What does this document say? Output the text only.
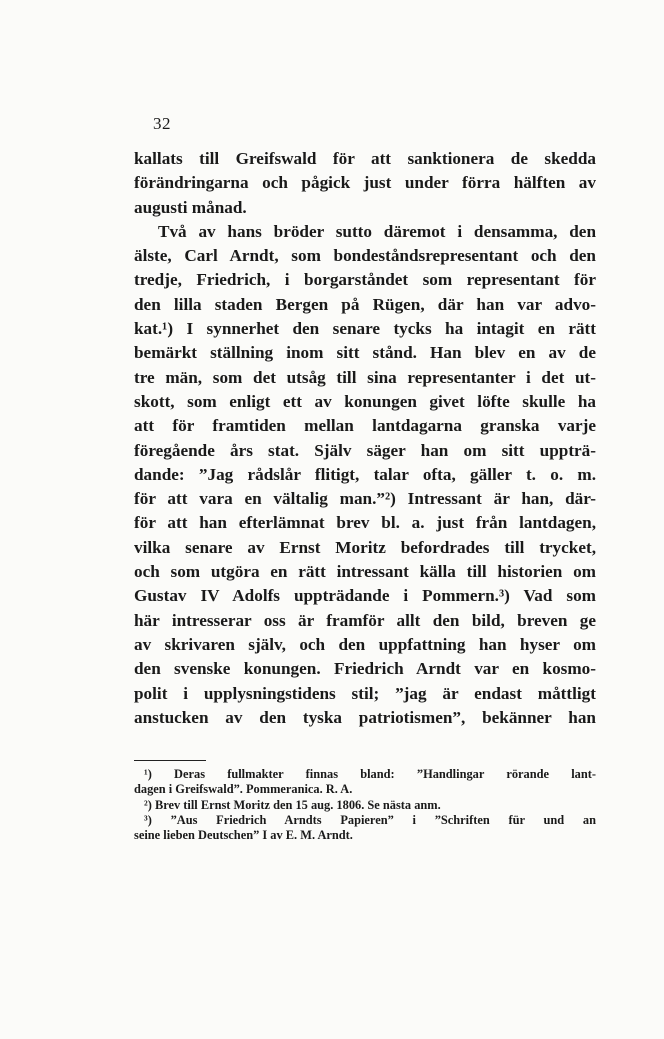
32
kallats till Greifswald för att sanktionera de skedda
förändringarna och pågick just under förra hälften av
augusti månad.
Två av hans bröder sutto däremot i densamma, den
älste, Carl Arndt, som bondeståndsrepresentant och den
tredje, Friedrich, i borgarståndet som representant för
den lilla staden Bergen på Rügen, där han var advo-
kat.¹) I synnerhet den senare tycks ha intagit en rätt
bemärkt ställning inom sitt stånd. Han blev en av de
tre män, som det utsåg till sina representanter i det ut-
skott, som enligt ett av konungen givet löfte skulle ha
att för framtiden mellan lantdagarna granska varje
föregående års stat. Själv säger han om sitt uppträ-
dande: ”Jag rådslår flitigt, talar ofta, gäller t. o. m.
för att vara en vältalig man.”²) Intressant är han, där-
för att han efterlämnat brev bl. a. just från lantdagen,
vilka senare av Ernst Moritz befordrades till trycket,
och som utgöra en rätt intressant källa till historien om
Gustav IV Adolfs uppträdande i Pommern.³) Vad som
här intresserar oss är framför allt den bild, breven ge
av skrivaren själv, och den uppfattning han hyser om
den svenske konungen. Friedrich Arndt var en kosmo-
polit i upplysningstidens stil; ”jag är endast måttligt
anstucken av den tyska patriotismen”, bekänner han
¹) Deras fullmakter finnas bland: ”Handlingar rörande lant-
dagen i Greifswald”. Pommeranica. R. A.
²) Brev till Ernst Moritz den 15 aug. 1806. Se nästa anm.
³) ”Aus Friedrich Arndts Papieren” i ”Schriften für und an
seine lieben Deutschen” I av E. M. Arndt.
